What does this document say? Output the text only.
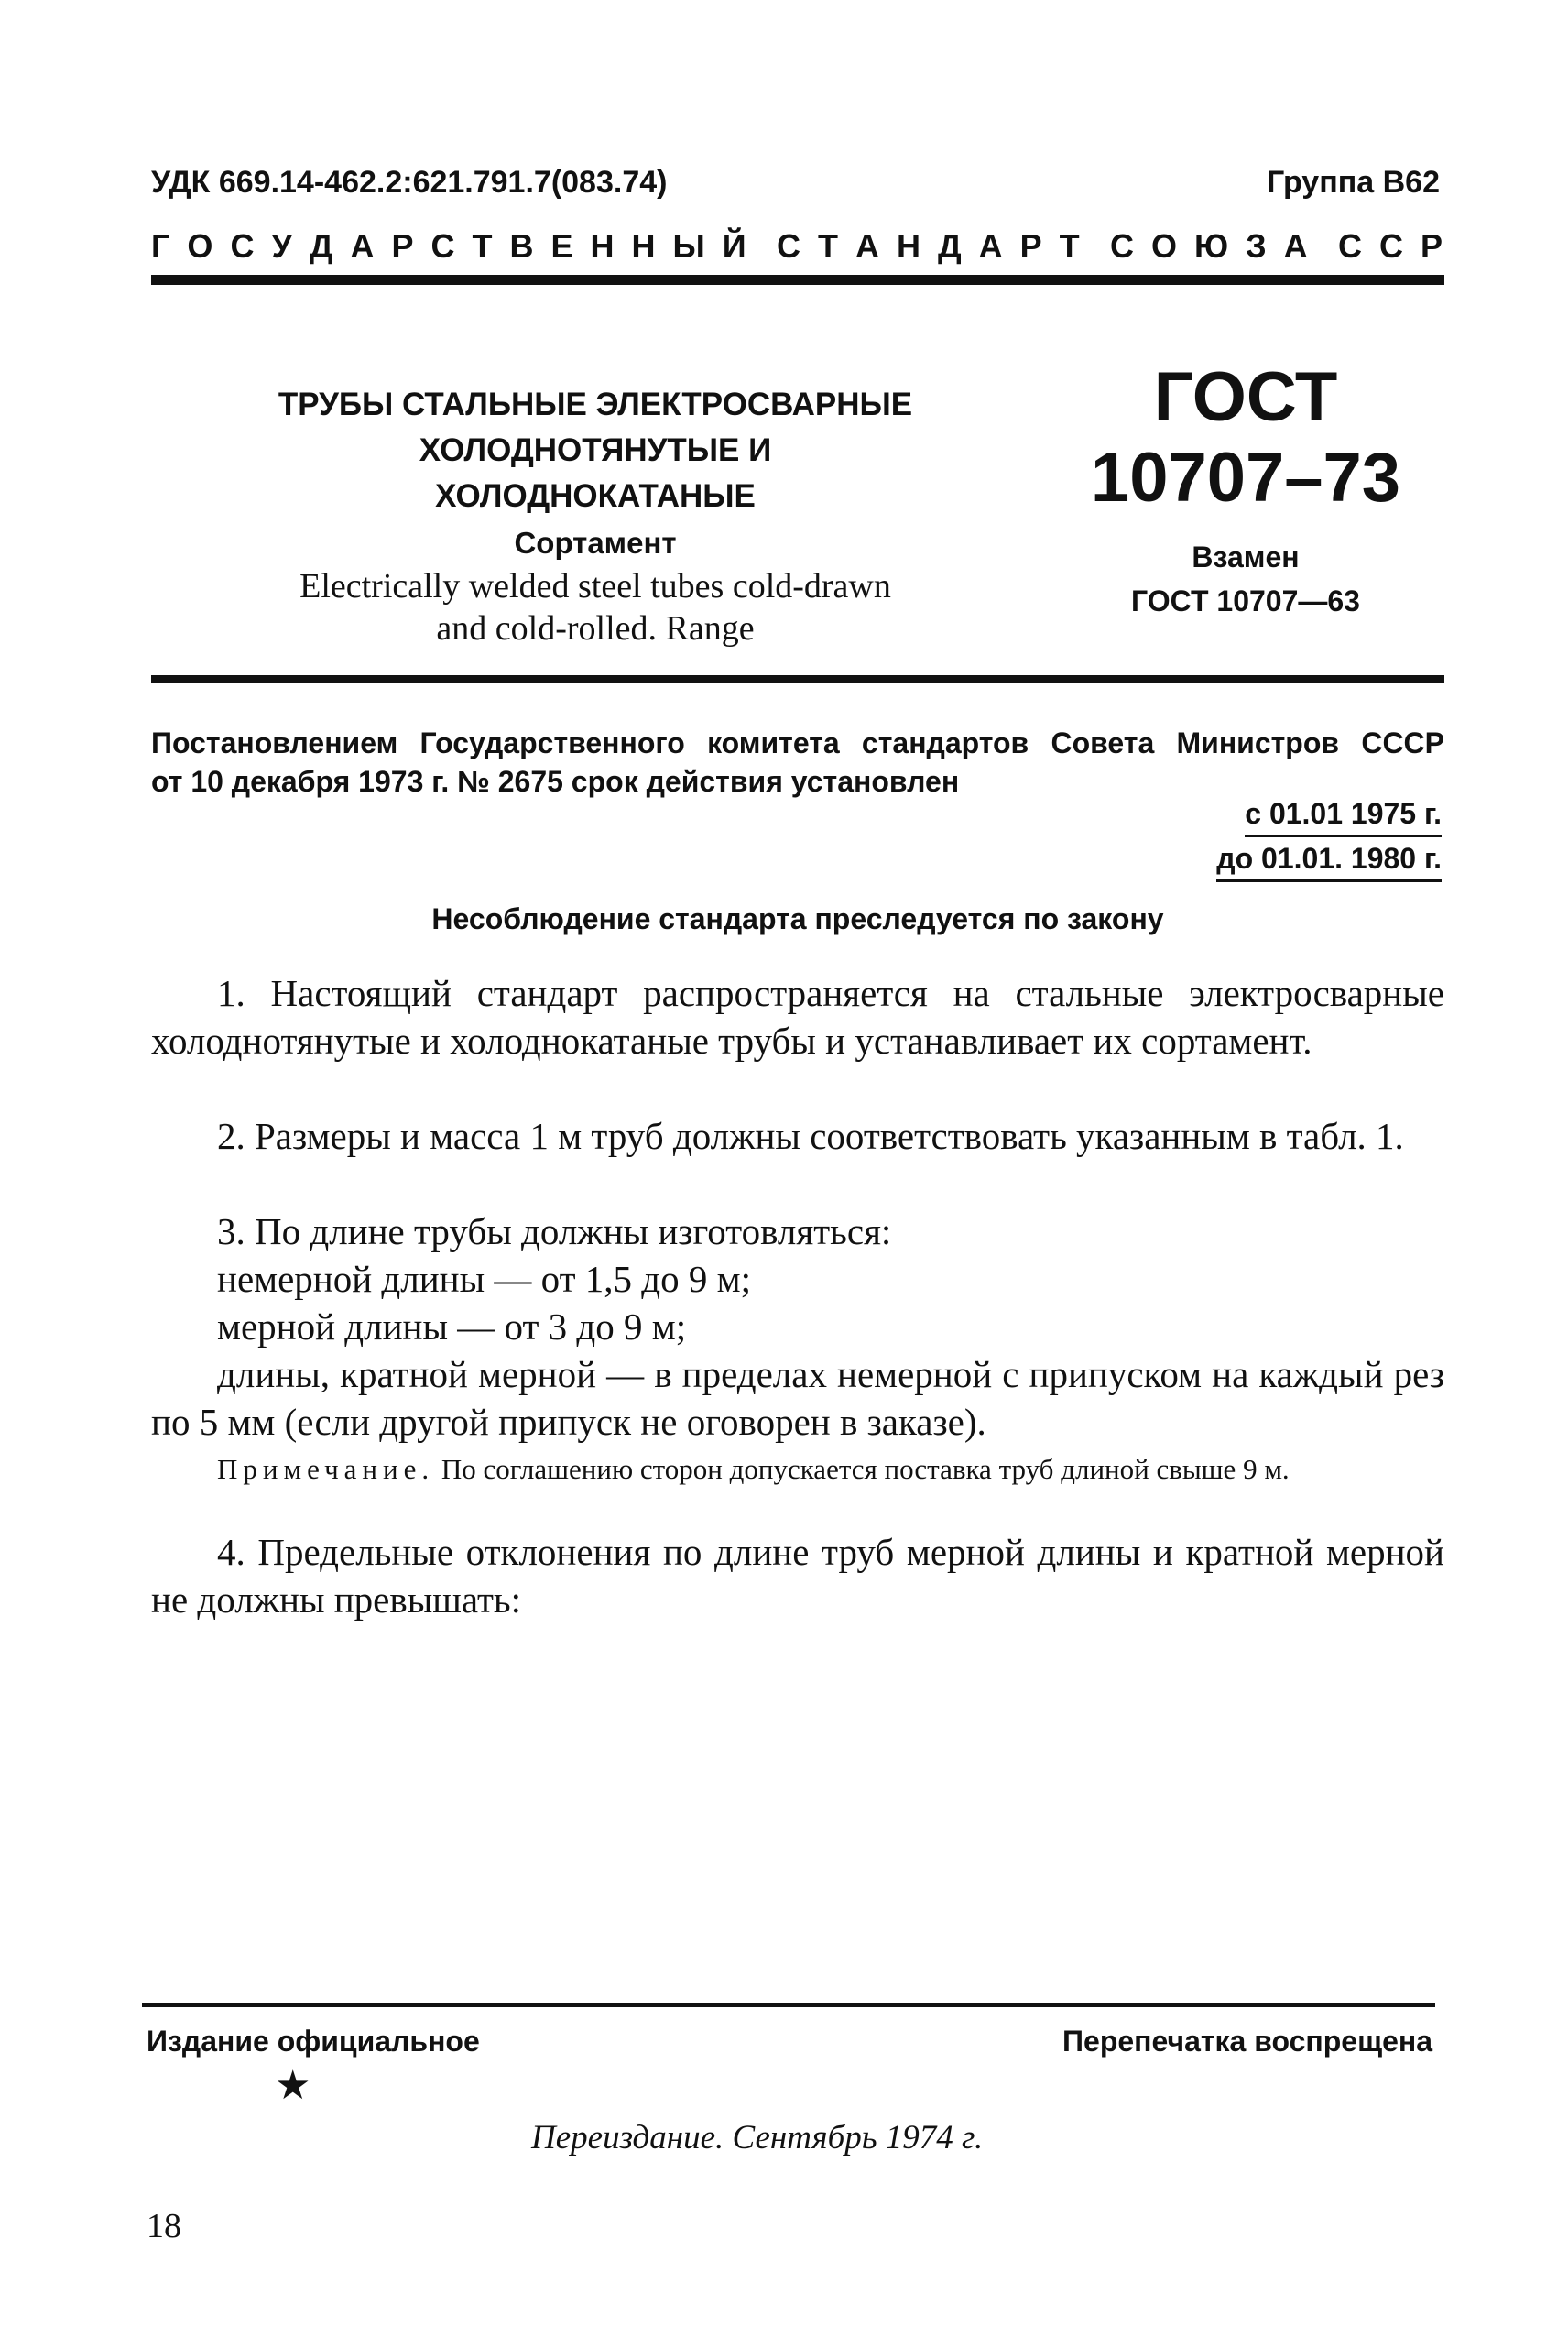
УДК 669.14-462.2:621.791.7(083.74)	Группа В62
Г О С У Д А Р С Т В Е Н Н Ы Й С Т А Н Д А Р Т С О Ю З А С С Р
ТРУБЫ СТАЛЬНЫЕ ЭЛЕКТРОСВАРНЫЕ
ХОЛОДНОТЯНУТЫЕ И ХОЛОДНОКАТАНЫЕ
Сортамент
Electrically welded steel tubes cold-drawn
and cold-rolled. Range
ГОСТ
10707–73
Взамен
ГОСТ 10707—63
Постановлением Государственного комитета стандартов Совета Министров СССР
от 10 декабря 1973 г. № 2675 срок действия установлен
с 01.01 1975 г.
до 01.01. 1980 г.
Несоблюдение стандарта преследуется по закону
1. Настоящий стандарт распространяется на стальные электросварные холоднотянутые и холоднокатаные трубы и устанавливает их сортамент.
2. Размеры и масса 1 м труб должны соответствовать указанным в табл. 1.
3. По длине трубы должны изготовляться:
немерной длины — от 1,5 до 9 м;
мерной длины — от 3 до 9 м;
длины, кратной мерной — в пределах немерной с припуском на каждый рез по 5 мм (если другой припуск не оговорен в заказе).
Примечание. По соглашению сторон допускается поставка труб длиной свыше 9 м.
4. Предельные отклонения по длине труб мерной длины и кратной мерной не должны превышать:
Издание официальное	Перепечатка воспрещена
★
Переиздание. Сентябрь 1974 г.
18
